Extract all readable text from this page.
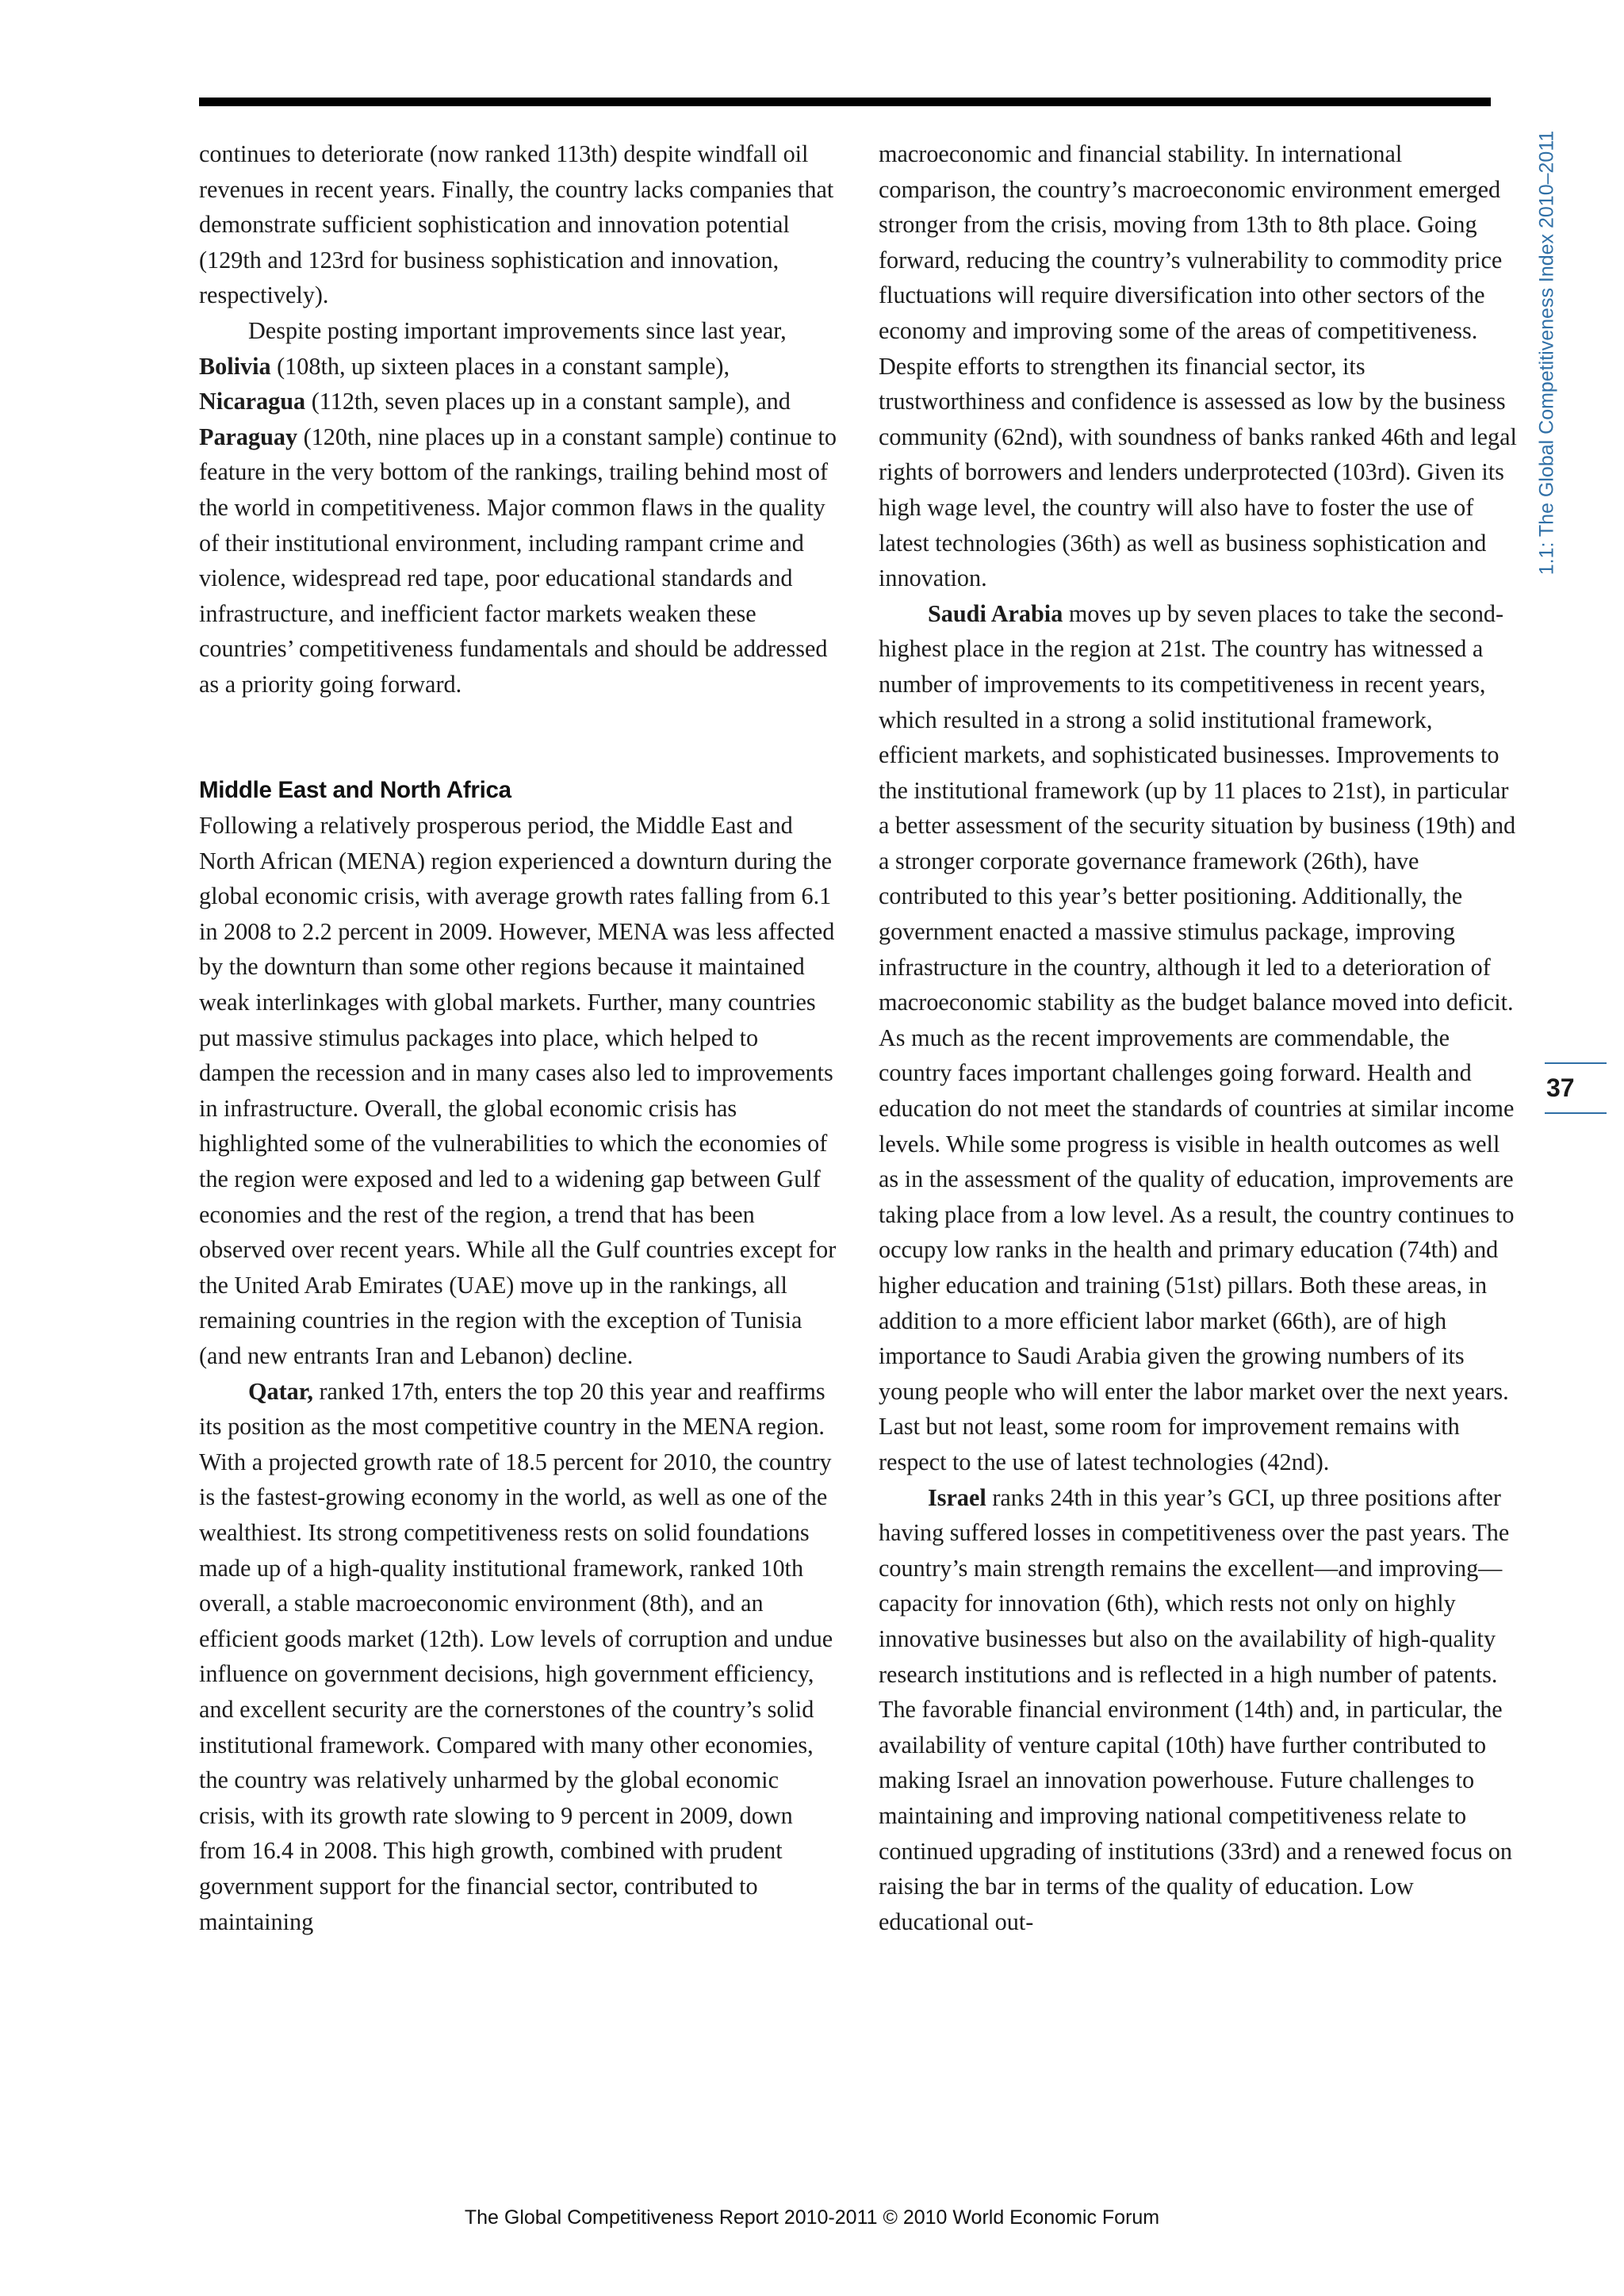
1.1: The Global Competitiveness Index 2010–2011
37

continues to deteriorate (now ranked 113th) despite windfall oil revenues in recent years. Finally, the country lacks companies that demonstrate sufficient sophistication and innovation potential (129th and 123rd for business sophistication and innovation, respectively).

Despite posting important improvements since last year, Bolivia (108th, up sixteen places in a constant sample), Nicaragua (112th, seven places up in a constant sample), and Paraguay (120th, nine places up in a constant sample) continue to feature in the very bottom of the rankings, trailing behind most of the world in competitiveness. Major common flaws in the quality of their institutional environment, including rampant crime and violence, widespread red tape, poor educational standards and infrastructure, and inefficient factor markets weaken these countries’ competitiveness fundamentals and should be addressed as a priority going forward.

Middle East and North Africa

Following a relatively prosperous period, the Middle East and North African (MENA) region experienced a downturn during the global economic crisis, with average growth rates falling from 6.1 in 2008 to 2.2 percent in 2009. However, MENA was less affected by the downturn than some other regions because it maintained weak interlinkages with global markets. Further, many countries put massive stimulus packages into place, which helped to dampen the recession and in many cases also led to improvements in infrastructure. Overall, the global economic crisis has highlighted some of the vulnerabilities to which the economies of the region were exposed and led to a widening gap between Gulf economies and the rest of the region, a trend that has been observed over recent years. While all the Gulf countries except for the United Arab Emirates (UAE) move up in the rankings, all remaining countries in the region with the exception of Tunisia (and new entrants Iran and Lebanon) decline.

Qatar, ranked 17th, enters the top 20 this year and reaffirms its position as the most competitive country in the MENA region. With a projected growth rate of 18.5 percent for 2010, the country is the fastest-growing economy in the world, as well as one of the wealthiest. Its strong competitiveness rests on solid foundations made up of a high-quality institutional framework, ranked 10th overall, a stable macroeconomic environment (8th), and an efficient goods market (12th). Low levels of corruption and undue influence on government decisions, high government efficiency, and excellent security are the cornerstones of the country’s solid institutional framework. Compared with many other economies, the country was relatively unharmed by the global economic crisis, with its growth rate slowing to 9 percent in 2009, down from 16.4 in 2008. This high growth, combined with prudent government support for the financial sector, contributed to maintaining

macroeconomic and financial stability. In international comparison, the country’s macroeconomic environment emerged stronger from the crisis, moving from 13th to 8th place. Going forward, reducing the country’s vulnerability to commodity price fluctuations will require diversification into other sectors of the economy and improving some of the areas of competitiveness. Despite efforts to strengthen its financial sector, its trustworthiness and confidence is assessed as low by the business community (62nd), with soundness of banks ranked 46th and legal rights of borrowers and lenders underprotected (103rd). Given its high wage level, the country will also have to foster the use of latest technologies (36th) as well as business sophistication and innovation.

Saudi Arabia moves up by seven places to take the second-highest place in the region at 21st. The country has witnessed a number of improvements to its competitiveness in recent years, which resulted in a strong a solid institutional framework, efficient markets, and sophisticated businesses. Improvements to the institutional framework (up by 11 places to 21st), in particular a better assessment of the security situation by business (19th) and a stronger corporate governance framework (26th), have contributed to this year’s better positioning. Additionally, the government enacted a massive stimulus package, improving infrastructure in the country, although it led to a deterioration of macroeconomic stability as the budget balance moved into deficit. As much as the recent improvements are commendable, the country faces important challenges going forward. Health and education do not meet the standards of countries at similar income levels. While some progress is visible in health outcomes as well as in the assessment of the quality of education, improvements are taking place from a low level. As a result, the country continues to occupy low ranks in the health and primary education (74th) and higher education and training (51st) pillars. Both these areas, in addition to a more efficient labor market (66th), are of high importance to Saudi Arabia given the growing numbers of its young people who will enter the labor market over the next years. Last but not least, some room for improvement remains with respect to the use of latest technologies (42nd).

Israel ranks 24th in this year’s GCI, up three positions after having suffered losses in competitiveness over the past years. The country’s main strength remains the excellent—and improving—capacity for innovation (6th), which rests not only on highly innovative businesses but also on the availability of high-quality research institutions and is reflected in a high number of patents. The favorable financial environment (14th) and, in particular, the availability of venture capital (10th) have further contributed to making Israel an innovation powerhouse. Future challenges to maintaining and improving national competitiveness relate to continued upgrading of institutions (33rd) and a renewed focus on raising the bar in terms of the quality of education. Low educational out-

The Global Competitiveness Report 2010-2011 © 2010 World Economic Forum
